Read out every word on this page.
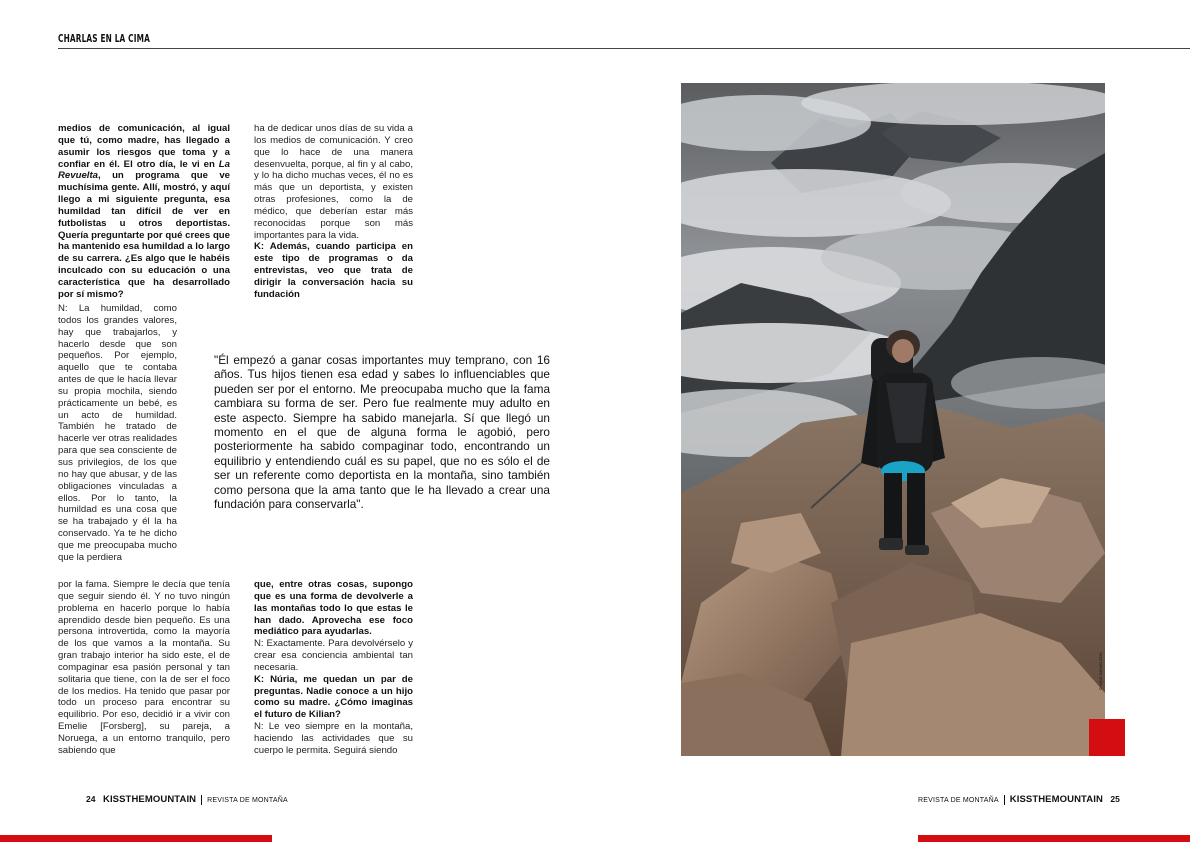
CHARLAS EN LA CIMA

medios de comunicación, al igual que tú, como madre, has llegado a asumir los riesgos que toma y a confiar en él. El otro día, le vi en La Revuelta, un programa que ve muchísima gente. Allí, mostró, y aquí llego a mi siguiente pregunta, esa humildad tan difícil de ver en futbolistas u otros deportistas. Quería preguntarte por qué crees que ha mantenido esa humildad a lo largo de su carrera. ¿Es algo que le habéis inculcado con su educación o una característica que ha desarrollado por sí mismo?

N: La humildad, como todos los grandes valores, hay que trabajarlos, y hacerlo desde que son pequeños. Por ejemplo, aquello que te contaba antes de que le hacía llevar su propia mochila, siendo prácticamente un bebé, es un acto de humildad. También he tratado de hacerle ver otras realidades para que sea consciente de sus privilegios, de los que no hay que abusar, y de las obligaciones vinculadas a ellos. Por lo tanto, la humildad es una cosa que se ha trabajado y él la ha conservado. Ya te he dicho que me preocupaba mucho que la perdiera

por la fama. Siempre le decía que tenía que seguir siendo él. Y no tuvo ningún problema en hacerlo porque lo había aprendido desde bien pequeño. Es una persona introvertida, como la mayoría de los que vamos a la montaña. Su gran trabajo interior ha sido este, el de compaginar esa pasión personal y tan solitaria que tiene, con la de ser el foco de los medios. Ha tenido que pasar por todo un proceso para encontrar su equilibrio. Por eso, decidió ir a vivir con Emelie [Forsberg], su pareja, a Noruega, a un entorno tranquilo, pero sabiendo que

ha de dedicar unos días de su vida a los medios de comunicación. Y creo que lo hace de una manera desenvuelta, porque, al fin y al cabo, y lo ha dicho muchas veces, él no es más que un deportista, y existen otras profesiones, como la de médico, que deberían estar más reconocidas porque son más importantes para la vida.

K: Además, cuando participa en este tipo de programas o da entrevistas, veo que trata de dirigir la conversación hacia su fundación

que, entre otras cosas, supongo que es una forma de devolverle a las montañas todo lo que estas le han dado. Aprovecha ese foco mediático para ayudarlas.

N: Exactamente. Para devolvérselo y crear esa conciencia ambiental tan necesaria.

K: Núria, me quedan un par de preguntas. Nadie conoce a un hijo como su madre. ¿Cómo imaginas el futuro de Kilian?

N: Le veo siempre en la montaña, haciendo las actividades que su cuerpo le permita. Seguirá siendo

"Él empezó a ganar cosas importantes muy temprano, con 16 años. Tus hijos tienen esa edad y sabes lo influenciables que pueden ser por el entorno. Me preocupaba mucho que la fama cambiara su forma de ser. Pero fue realmente muy adulto en este aspecto. Siempre ha sabido manejarla. Sí que llegó un momento en el que de alguna forma le agobió, pero posteriormente ha sabido compaginar todo, encontrando un equilibrio y entendiendo cuál es su papel, que no es sólo el de ser un referente como deportista en la montaña, sino también como persona que la ama tanto que le ha llevado a crear una fundación para conservarla".

© NICK DANIELSON
24 KISSTHEMOUNTAIN REVISTA DE MONTAÑA	REVISTA DE MONTAÑA KISSTHEMOUNTAIN 25
